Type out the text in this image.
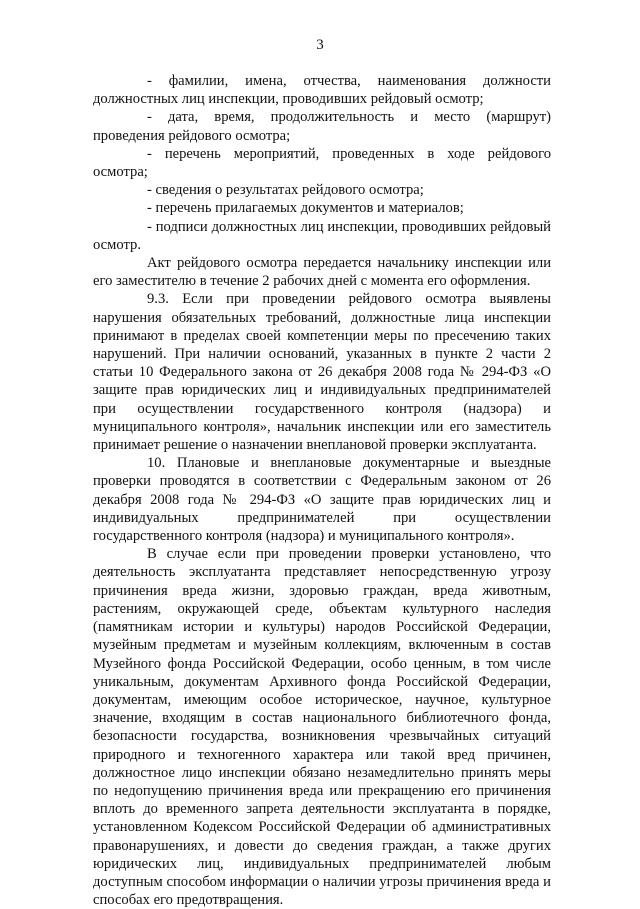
3

- фамилии, имена, отчества, наименования должности должностных лиц инспекции, проводивших рейдовый осмотр;

- дата, время, продолжительность и место (маршрут) проведения рейдового осмотра;

- перечень мероприятий, проведенных в ходе рейдового осмотра;

- сведения о результатах рейдового осмотра;

- перечень прилагаемых документов и материалов;

- подписи должностных лиц инспекции, проводивших рейдовый осмотр.

Акт рейдового осмотра передается начальнику инспекции или его заместителю в течение 2 рабочих дней с момента его оформления.

9.3. Если при проведении рейдового осмотра выявлены нарушения обязательных требований, должностные лица инспекции принимают в пределах своей компетенции меры по пресечению таких нарушений. При наличии оснований, указанных в пункте 2 части 2 статьи 10 Федерального закона от 26 декабря 2008 года № 294-ФЗ «О защите прав юридических лиц и индивидуальных предпринимателей при осуществлении государственного контроля (надзора) и муниципального контроля», начальник инспекции или его заместитель принимает решение о назначении внеплановой проверки эксплуатанта.

10. Плановые и внеплановые документарные и выездные проверки проводятся в соответствии с Федеральным законом от 26 декабря 2008 года № 294-ФЗ «О защите прав юридических лиц и индивидуальных предпринимателей при осуществлении государственного контроля (надзора) и муниципального контроля».

В случае если при проведении проверки установлено, что деятельность эксплуатанта представляет непосредственную угрозу причинения вреда жизни, здоровью граждан, вреда животным, растениям, окружающей среде, объектам культурного наследия (памятникам истории и культуры) народов Российской Федерации, музейным предметам и музейным коллекциям, включенным в состав Музейного фонда Российской Федерации, особо ценным, в том числе уникальным, документам Архивного фонда Российской Федерации, документам, имеющим особое историческое, научное, культурное значение, входящим в состав национального библиотечного фонда, безопасности государства, возникновения чрезвычайных ситуаций природного и техногенного характера или такой вред причинен, должностное лицо инспекции обязано незамедлительно принять меры по недопущению причинения вреда или прекращению его причинения вплоть до временного запрета деятельности эксплуатанта в порядке, установленном Кодексом Российской Федерации об административных правонарушениях, и довести до сведения граждан, а также других юридических лиц, индивидуальных предпринимателей любым доступным способом информации о наличии угрозы причинения вреда и способах его предотвращения.
